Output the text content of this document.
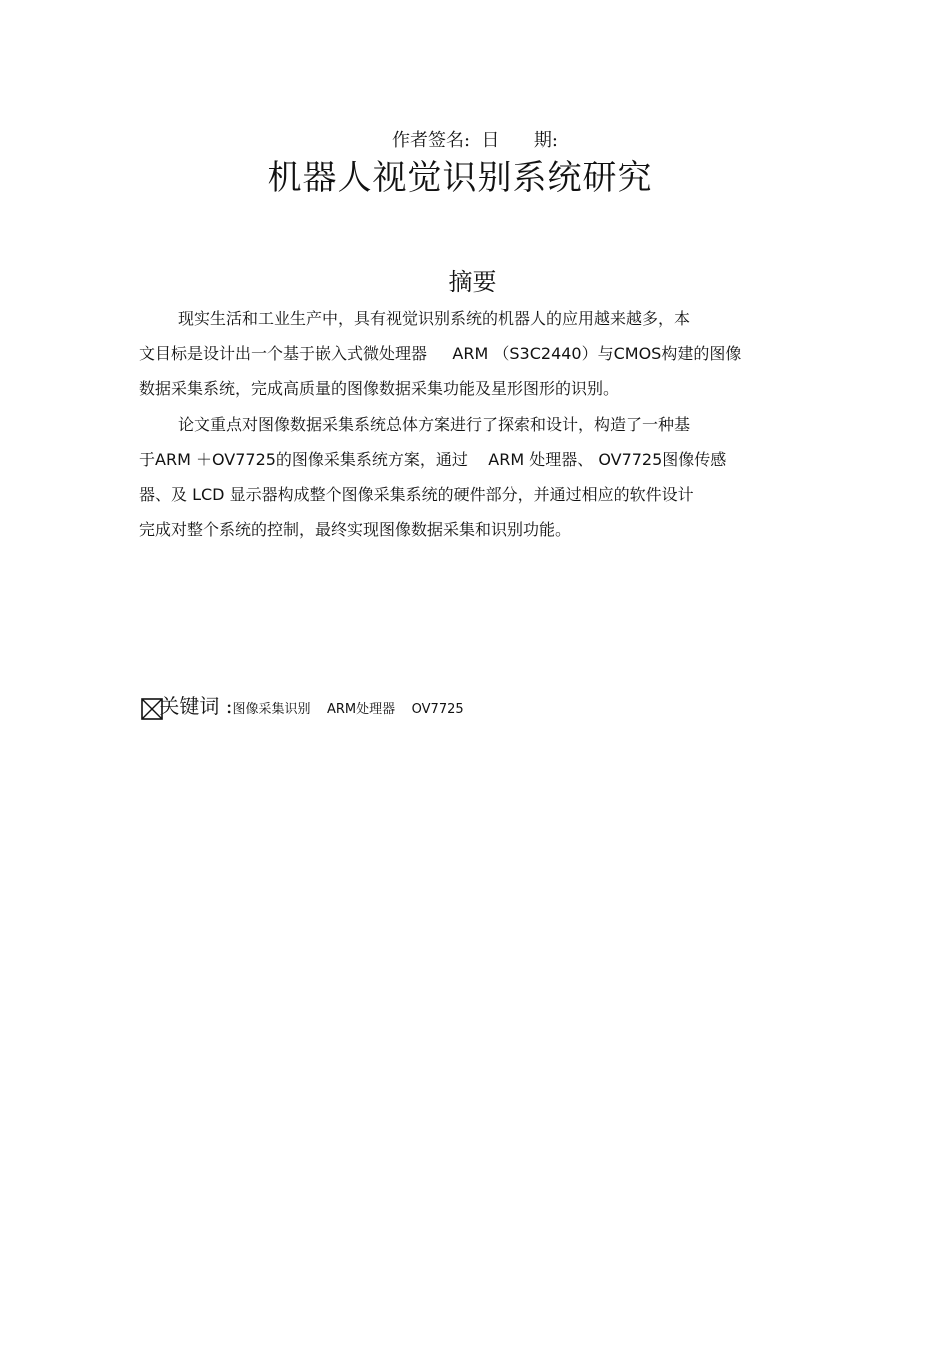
作者签名:  日      期:
机器人视觉识别系统研究
摘要
现实生活和工业生产中，具有视觉识别系统的机器人的应用越来越多，本
文目标是设计出一个基于嵌入式微处理器     ARM （S3C2440）与CMOS构建的图像
数据采集系统，完成高质量的图像数据采集功能及星形图形的识别。
论文重点对图像数据采集系统总体方案进行了探索和设计，构造了一种基
于ARM ＋OV7725的图像采集系统方案，通过    ARM 处理器、 OV7725图像传感
器、及 LCD 显示器构成整个图像采集系统的硬件部分，并通过相应的软件设计
完成对整个系统的控制，最终实现图像数据采集和识别功能。

关键词 :图像采集识别    ARM处理器    OV7725
